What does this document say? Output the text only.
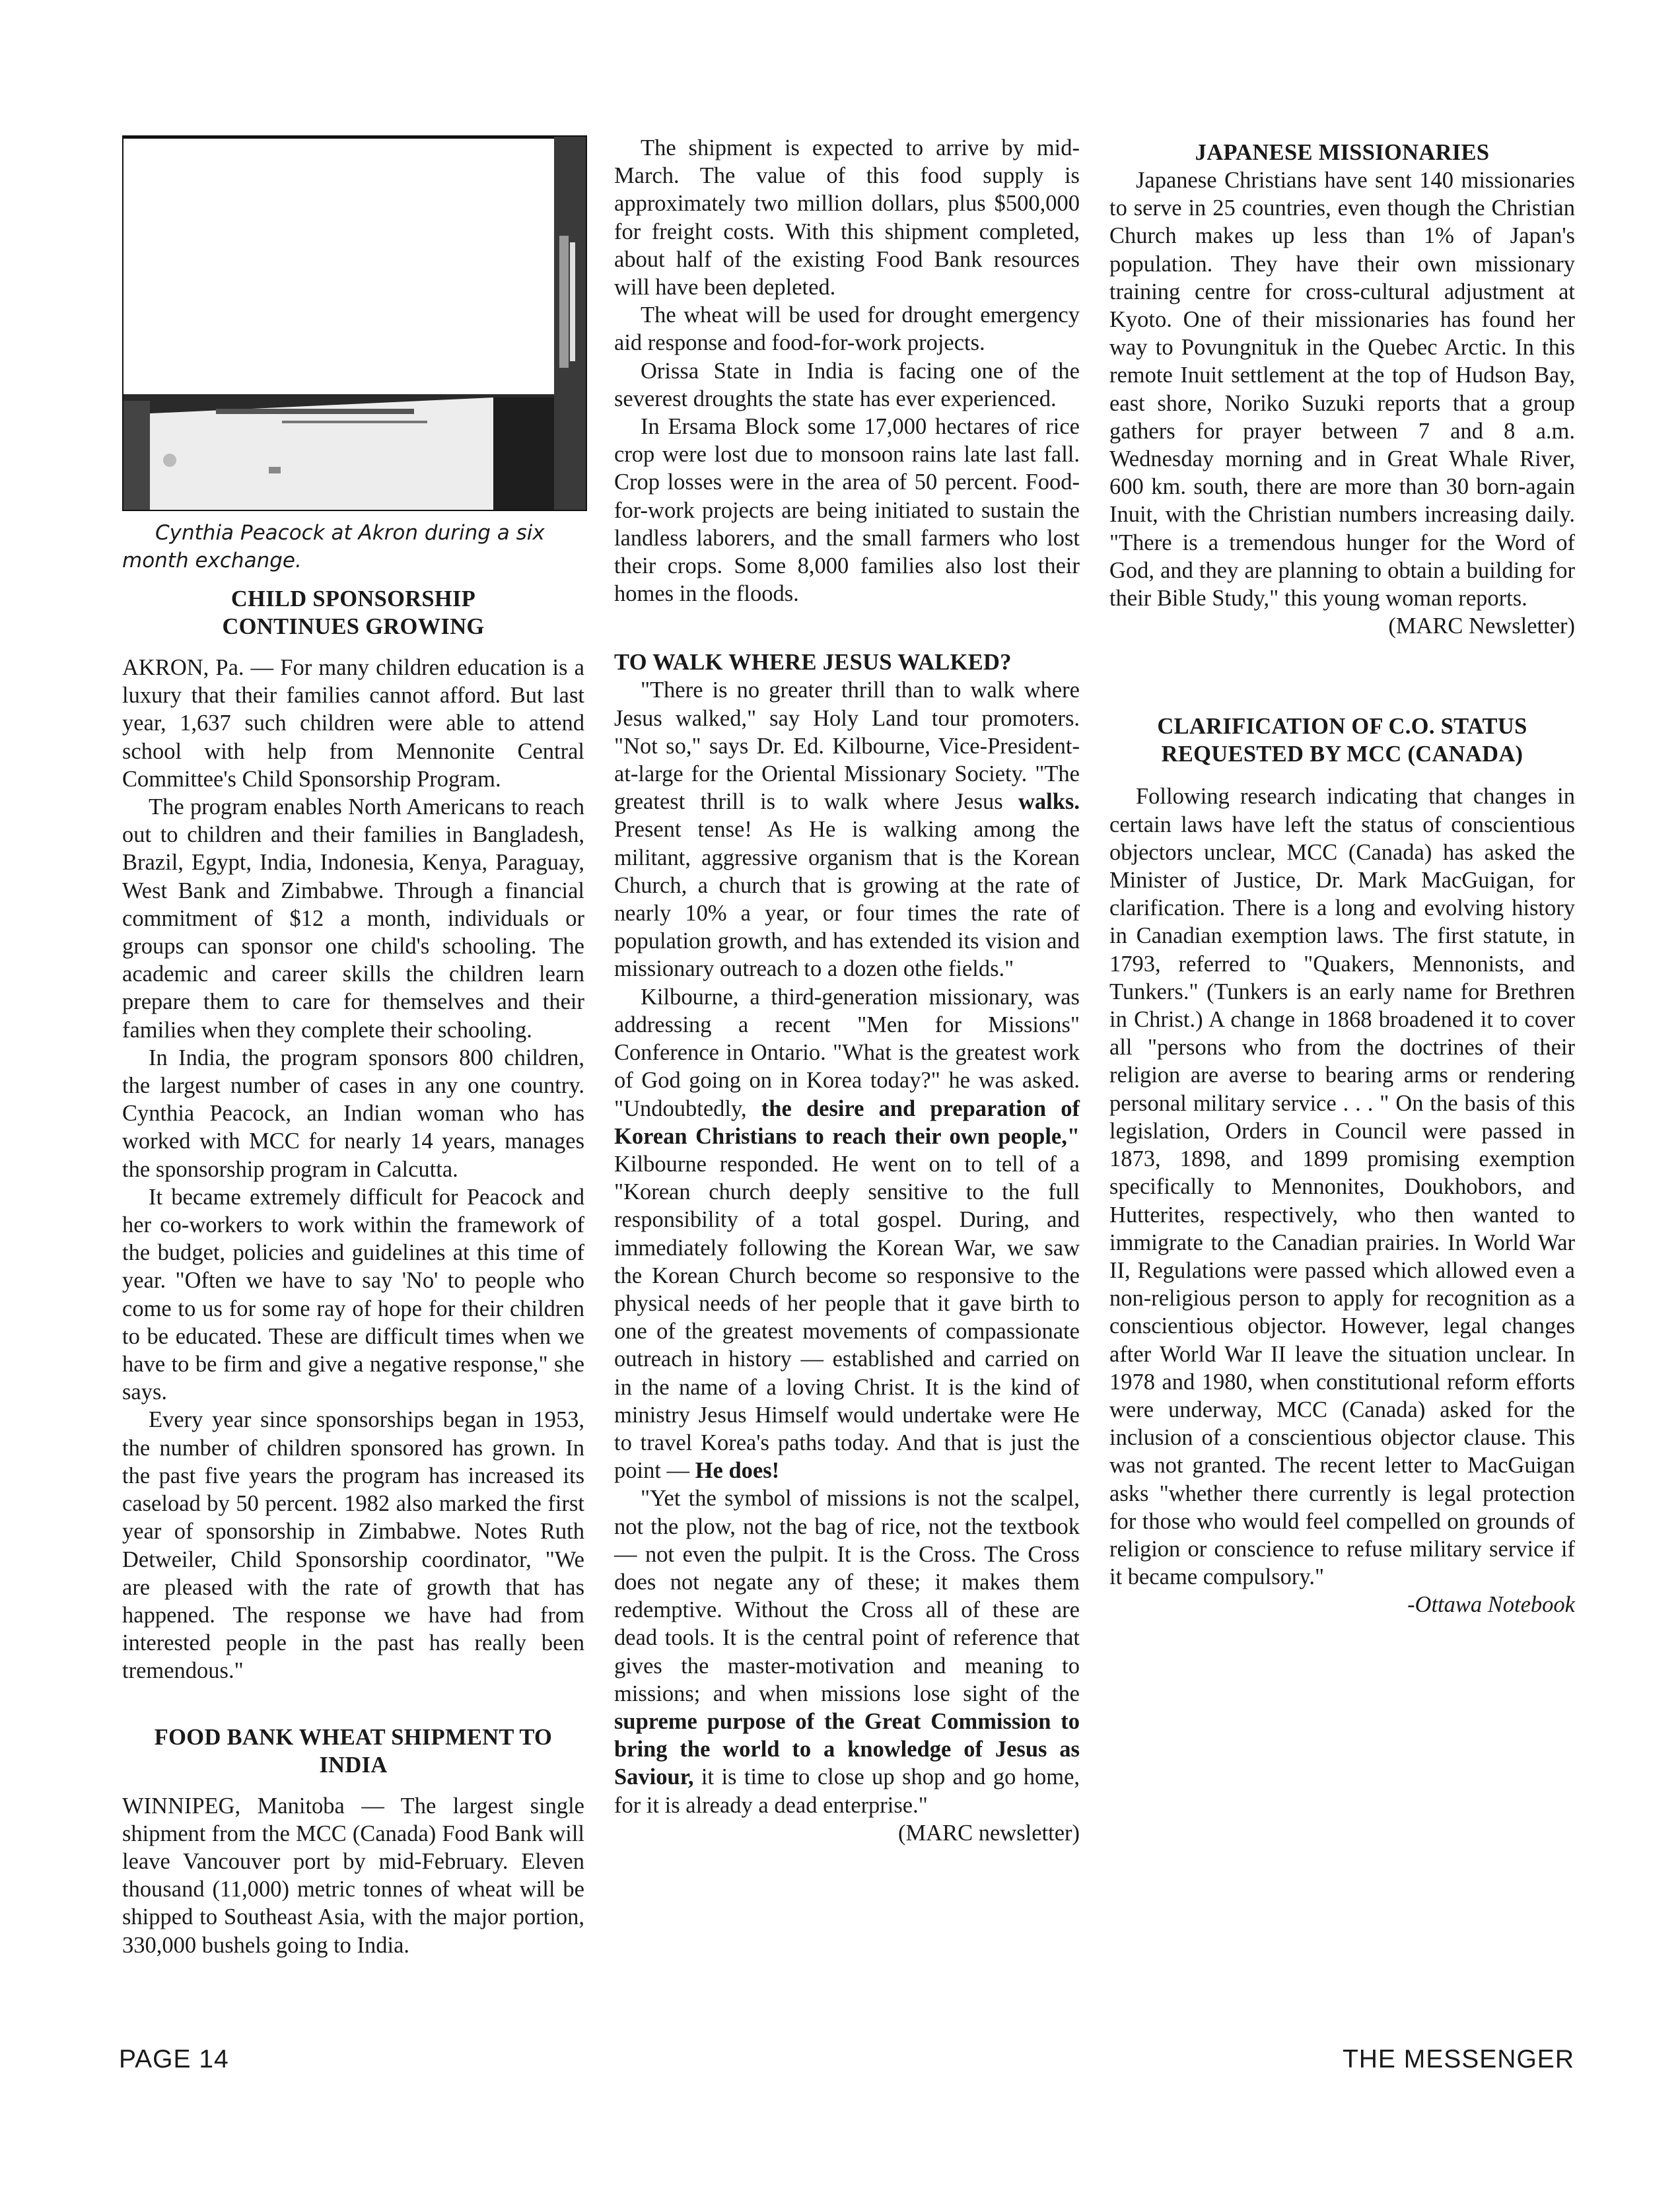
Cynthia Peacock at Akron during a six month exchange.
CHILD SPONSORSHIP CONTINUES GROWING

AKRON, Pa. — For many children education is a luxury that their families cannot afford. But last year, 1,637 such children were able to attend school with help from Mennonite Central Committee's Child Sponsorship Program.

The program enables North Americans to reach out to children and their families in Bangladesh, Brazil, Egypt, India, Indonesia, Kenya, Paraguay, West Bank and Zimbabwe. Through a financial commitment of $12 a month, individuals or groups can sponsor one child's schooling. The academic and career skills the children learn prepare them to care for themselves and their families when they complete their schooling.

In India, the program sponsors 800 children, the largest number of cases in any one country. Cynthia Peacock, an Indian woman who has worked with MCC for nearly 14 years, manages the sponsorship program in Calcutta.

It became extremely difficult for Peacock and her co-workers to work within the framework of the budget, policies and guidelines at this time of year. "Often we have to say 'No' to people who come to us for some ray of hope for their children to be educated. These are difficult times when we have to be firm and give a negative response," she says.

Every year since sponsorships began in 1953, the number of children sponsored has grown. In the past five years the program has increased its caseload by 50 percent. 1982 also marked the first year of sponsorship in Zimbabwe. Notes Ruth Detweiler, Child Sponsorship coordinator, "We are pleased with the rate of growth that has happened. The response we have had from interested people in the past has really been tremendous."

FOOD BANK WHEAT SHIPMENT TO INDIA

WINNIPEG, Manitoba — The largest single shipment from the MCC (Canada) Food Bank will leave Vancouver port by mid-February. Eleven thousand (11,000) metric tonnes of wheat will be shipped to Southeast Asia, with the major portion, 330,000 bushels going to India.

The shipment is expected to arrive by mid-March. The value of this food supply is approximately two million dollars, plus $500,000 for freight costs. With this shipment completed, about half of the existing Food Bank resources will have been depleted.

The wheat will be used for drought emergency aid response and food-for-work projects.

Orissa State in India is facing one of the severest droughts the state has ever experienced.

In Ersama Block some 17,000 hectares of rice crop were lost due to monsoon rains late last fall. Crop losses were in the area of 50 percent. Food-for-work projects are being initiated to sustain the landless laborers, and the small farmers who lost their crops. Some 8,000 families also lost their homes in the floods.

TO WALK WHERE JESUS WALKED?

"There is no greater thrill than to walk where Jesus walked," say Holy Land tour promoters. "Not so," says Dr. Ed. Kilbourne, Vice-President-at-large for the Oriental Missionary Society. "The greatest thrill is to walk where Jesus walks. Present tense! As He is walking among the militant, aggressive organism that is the Korean Church, a church that is growing at the rate of nearly 10% a year, or four times the rate of population growth, and has extended its vision and missionary outreach to a dozen othe fields."

Kilbourne, a third-generation missionary, was addressing a recent "Men for Missions" Conference in Ontario. "What is the greatest work of God going on in Korea today?" he was asked. "Undoubtedly, the desire and preparation of Korean Christians to reach their own people," Kilbourne responded. He went on to tell of a "Korean church deeply sensitive to the full responsibility of a total gospel. During, and immediately following the Korean War, we saw the Korean Church become so responsive to the physical needs of her people that it gave birth to one of the greatest movements of compassionate outreach in history — established and carried on in the name of a loving Christ. It is the kind of ministry Jesus Himself would undertake were He to travel Korea's paths today. And that is just the point — He does!

"Yet the symbol of missions is not the scalpel, not the plow, not the bag of rice, not the textbook — not even the pulpit. It is the Cross. The Cross does not negate any of these; it makes them redemptive. Without the Cross all of these are dead tools. It is the central point of reference that gives the master-motivation and meaning to missions; and when missions lose sight of the supreme purpose of the Great Commission to bring the world to a knowledge of Jesus as Saviour, it is time to close up shop and go home, for it is already a dead enterprise."

(MARC newsletter)

JAPANESE MISSIONARIES

Japanese Christians have sent 140 missionaries to serve in 25 countries, even though the Christian Church makes up less than 1% of Japan's population. They have their own missionary training centre for cross-cultural adjustment at Kyoto. One of their missionaries has found her way to Povungnituk in the Quebec Arctic. In this remote Inuit settlement at the top of Hudson Bay, east shore, Noriko Suzuki reports that a group gathers for prayer between 7 and 8 a.m. Wednesday morning and in Great Whale River, 600 km. south, there are more than 30 born-again Inuit, with the Christian numbers increasing daily. "There is a tremendous hunger for the Word of God, and they are planning to obtain a building for their Bible Study," this young woman reports.

(MARC Newsletter)

CLARIFICATION OF C.O. STATUS REQUESTED BY MCC (CANADA)

Following research indicating that changes in certain laws have left the status of conscientious objectors unclear, MCC (Canada) has asked the Minister of Justice, Dr. Mark MacGuigan, for clarification. There is a long and evolving history in Canadian exemption laws. The first statute, in 1793, referred to "Quakers, Mennonists, and Tunkers." (Tunkers is an early name for Brethren in Christ.) A change in 1868 broadened it to cover all "persons who from the doctrines of their religion are averse to bearing arms or rendering personal military service . . . " On the basis of this legislation, Orders in Council were passed in 1873, 1898, and 1899 promising exemption specifically to Mennonites, Doukhobors, and Hutterites, respectively, who then wanted to immigrate to the Canadian prairies. In World War II, Regulations were passed which allowed even a non-religious person to apply for recognition as a conscientious objector. However, legal changes after World War II leave the situation unclear. In 1978 and 1980, when constitutional reform efforts were underway, MCC (Canada) asked for the inclusion of a conscientious objector clause. This was not granted. The recent letter to MacGuigan asks "whether there currently is legal protection for those who would feel compelled on grounds of religion or conscience to refuse military service if it became compulsory."

-Ottawa Notebook

PAGE 14	THE MESSENGER
